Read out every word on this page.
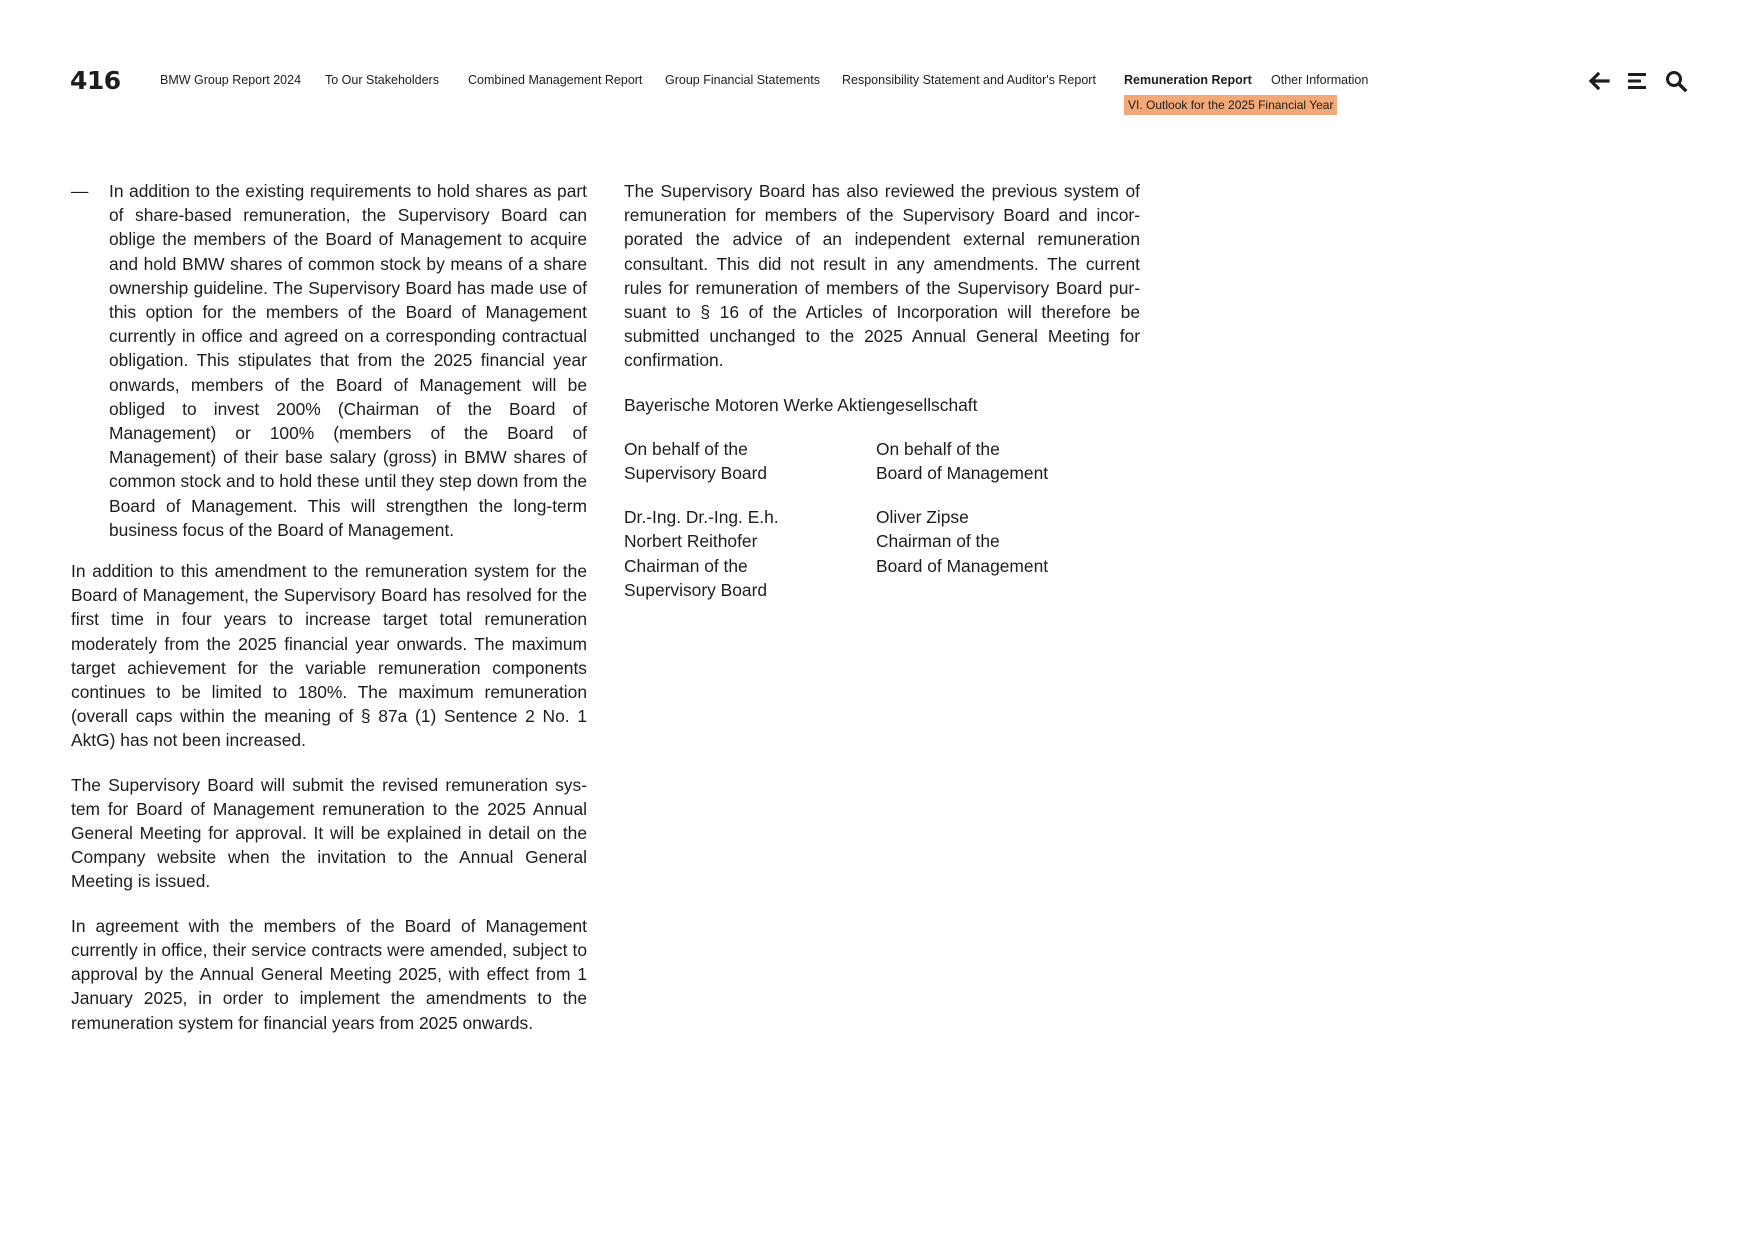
416	BMW Group Report 2024 To Our Stakeholders Combined Management Report Group Financial Statements Responsibility Statement and Auditor's Report Remuneration Report Other Information
VI. Outlook for the 2025 Financial Year
— In addition to the existing requirements to hold shares as part of share-based remuneration, the Supervisory Board can oblige the members of the Board of Management to acquire and hold BMW shares of common stock by means of a share ownership guideline. The Supervisory Board has made use of this option for the members of the Board of Management currently in office and agreed on a corresponding contractual obligation. This stipulates that from the 2025 financial year onwards, members of the Board of Management will be obliged to invest 200% (Chairman of the Board of Management) or 100% (members of the Board of Management) of their base salary (gross) in BMW shares of common stock and to hold these until they step down from the Board of Management. This will strengthen the long-term business focus of the Board of Management.

In addition to this amendment to the remuneration system for the Board of Management, the Supervisory Board has resolved for the first time in four years to increase target total remuneration moderately from the 2025 financial year onwards. The maximum target achievement for the variable remuneration components continues to be limited to 180%. The maximum remuneration (overall caps within the meaning of § 87a (1) Sentence 2 No. 1 AktG) has not been increased.

The Supervisory Board will submit the revised remuneration system for Board of Management remuneration to the 2025 Annual General Meeting for approval. It will be explained in detail on the Company website when the invitation to the Annual General Meeting is issued.

In agreement with the members of the Board of Management currently in office, their service contracts were amended, subject to approval by the Annual General Meeting 2025, with effect from 1 January 2025, in order to implement the amendments to the remuneration system for financial years from 2025 onwards.

The Supervisory Board has also reviewed the previous system of remuneration for members of the Supervisory Board and incorporated the advice of an independent external remuneration consultant. This did not result in any amendments. The current rules for remuneration of members of the Supervisory Board pursuant to § 16 of the Articles of Incorporation will therefore be submitted unchanged to the 2025 Annual General Meeting for confirmation.

Bayerische Motoren Werke Aktiengesellschaft

On behalf of the
Supervisory Board
On behalf of the
Board of Management
Dr.-Ing. Dr.-Ing. E.h.
Norbert Reithofer
Chairman of the
Supervisory Board
Oliver Zipse
Chairman of the
Board of Management
